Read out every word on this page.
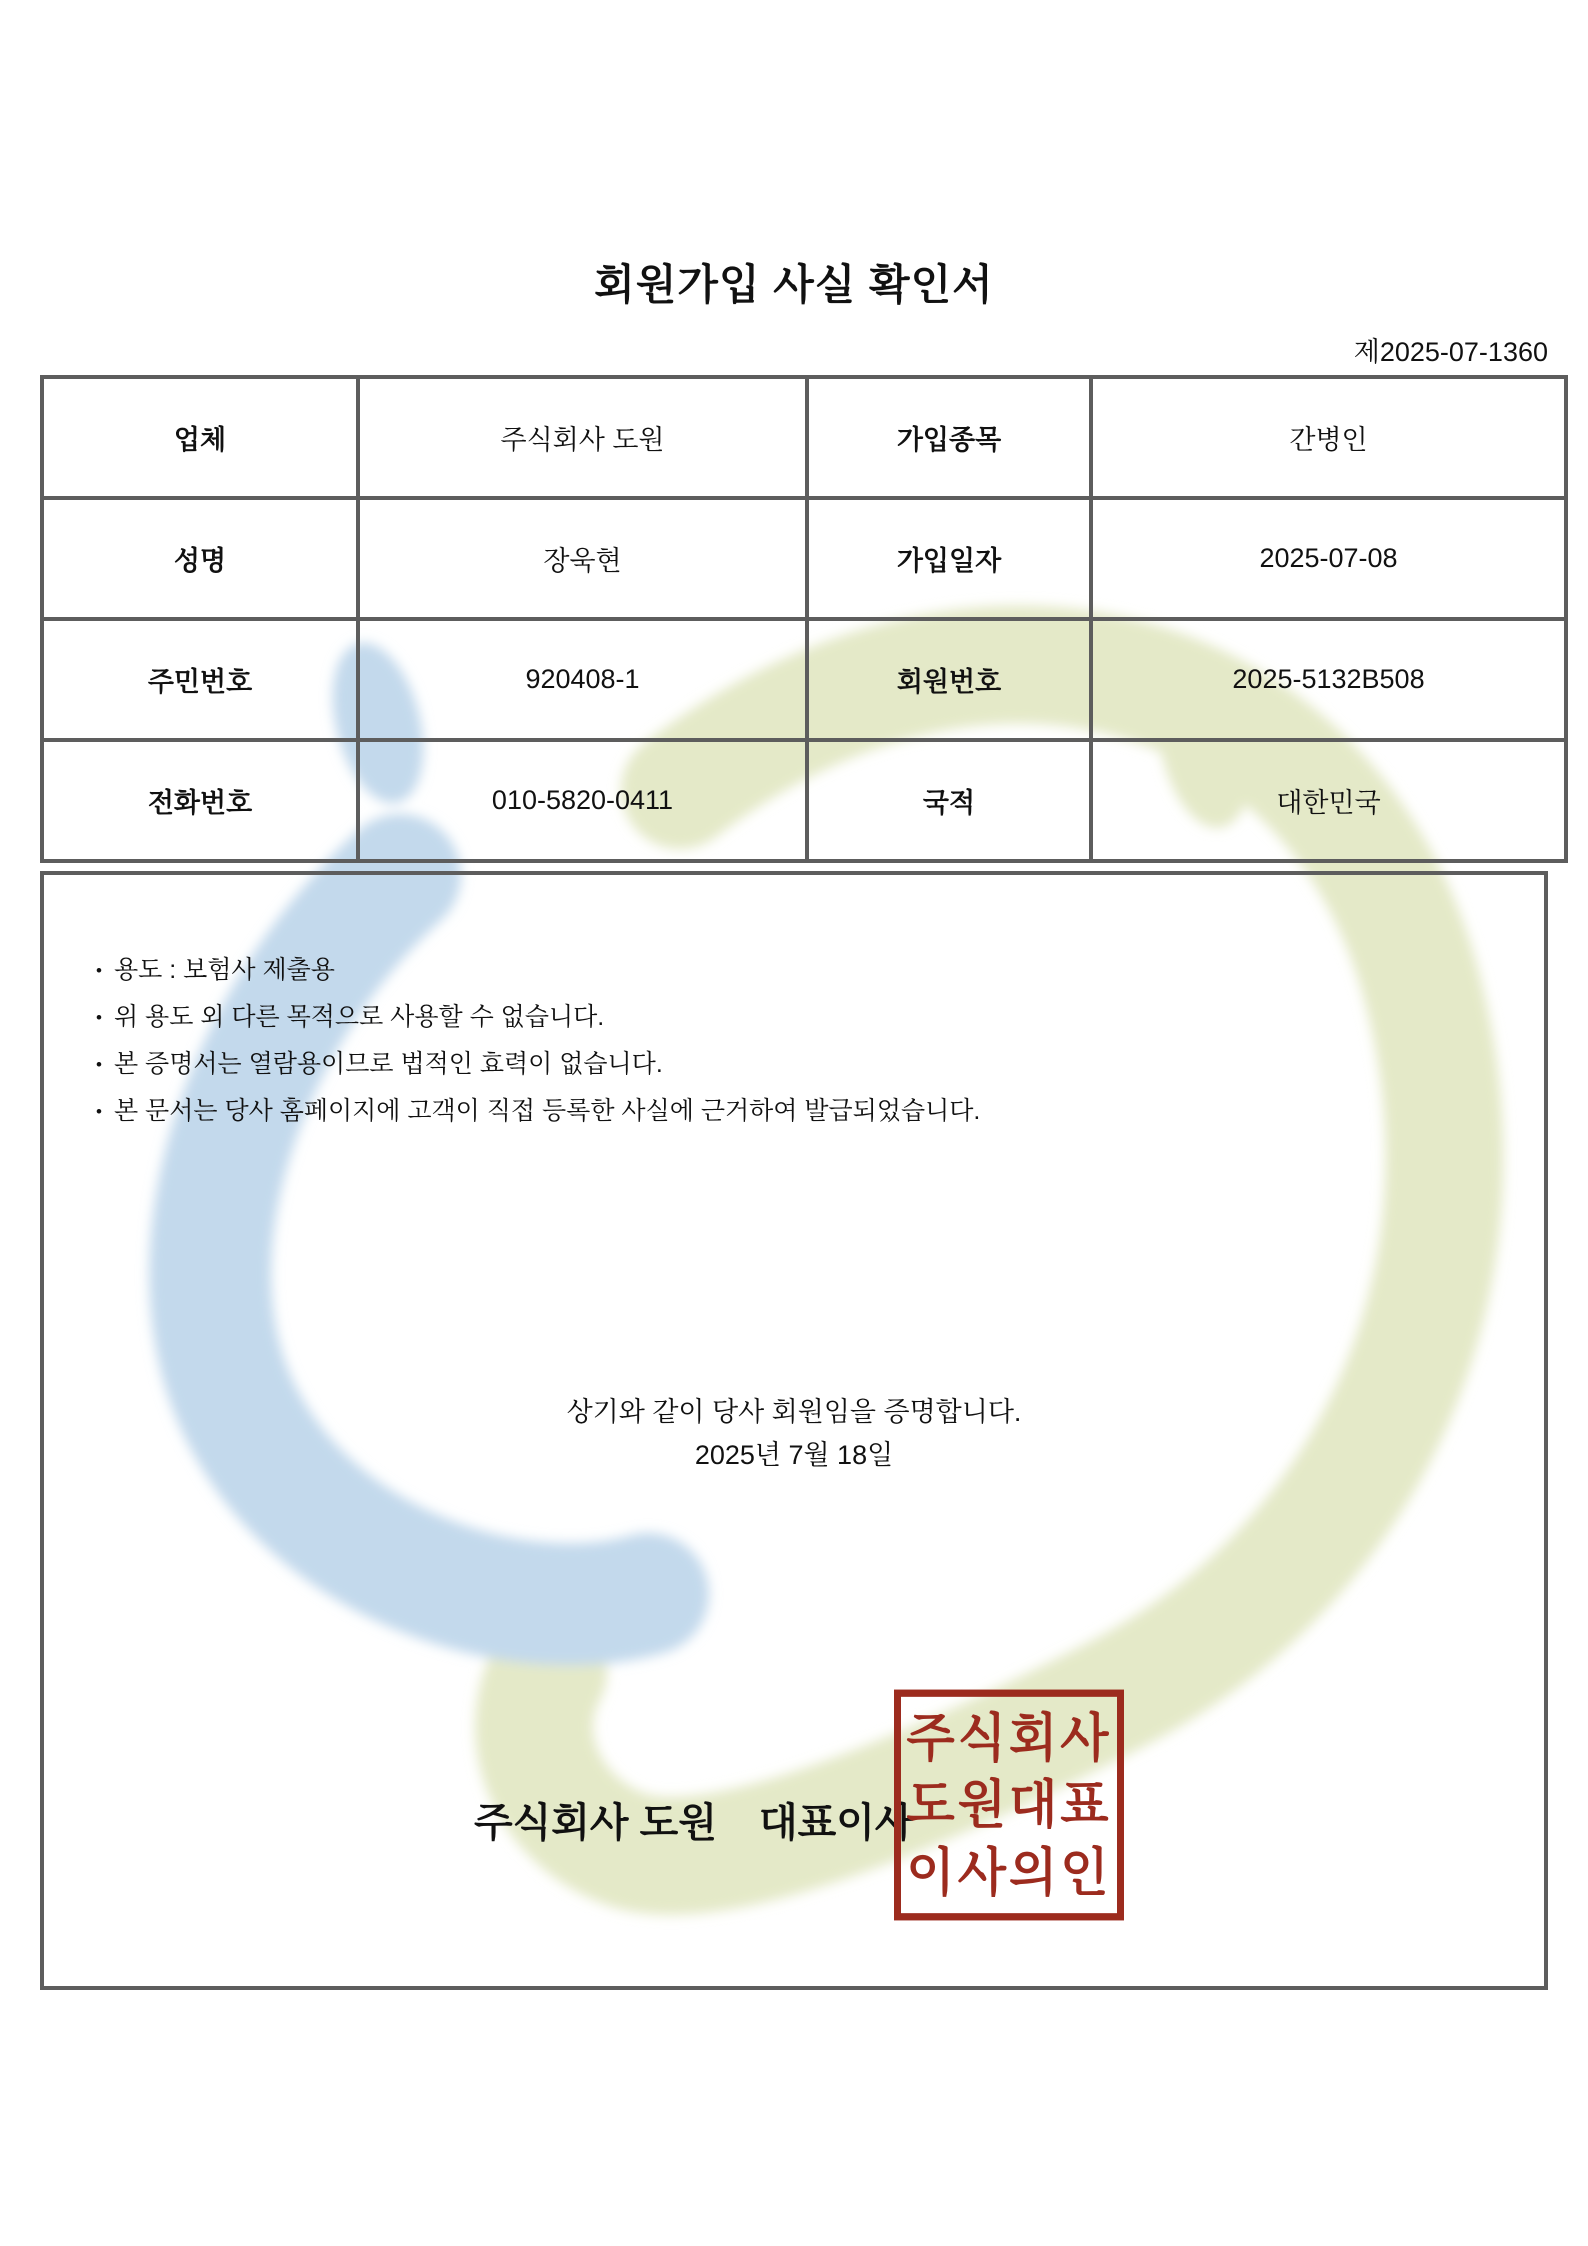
회원가입 사실 확인서
제2025-07-1360
업체	주식회사 도원	가입종목	간병인
성명	장욱현	가입일자	2025-07-08
주민번호	920408-1	회원번호	2025-5132B508
전화번호	010-5820-0411	국적	대한민국
• 용도 : 보험사 제출용
• 위 용도 외 다른 목적으로 사용할 수 없습니다.
• 본 증명서는 열람용이므로 법적인 효력이 없습니다.
• 본 문서는 당사 홈페이지에 고객이 직접 등록한 사실에 근거하여 발급되었습니다.
상기와 같이 당사 회원임을 증명합니다.
2025년 7월 18일
주식회사 도원 대표이사
주식회사
도원대표
이사의인
